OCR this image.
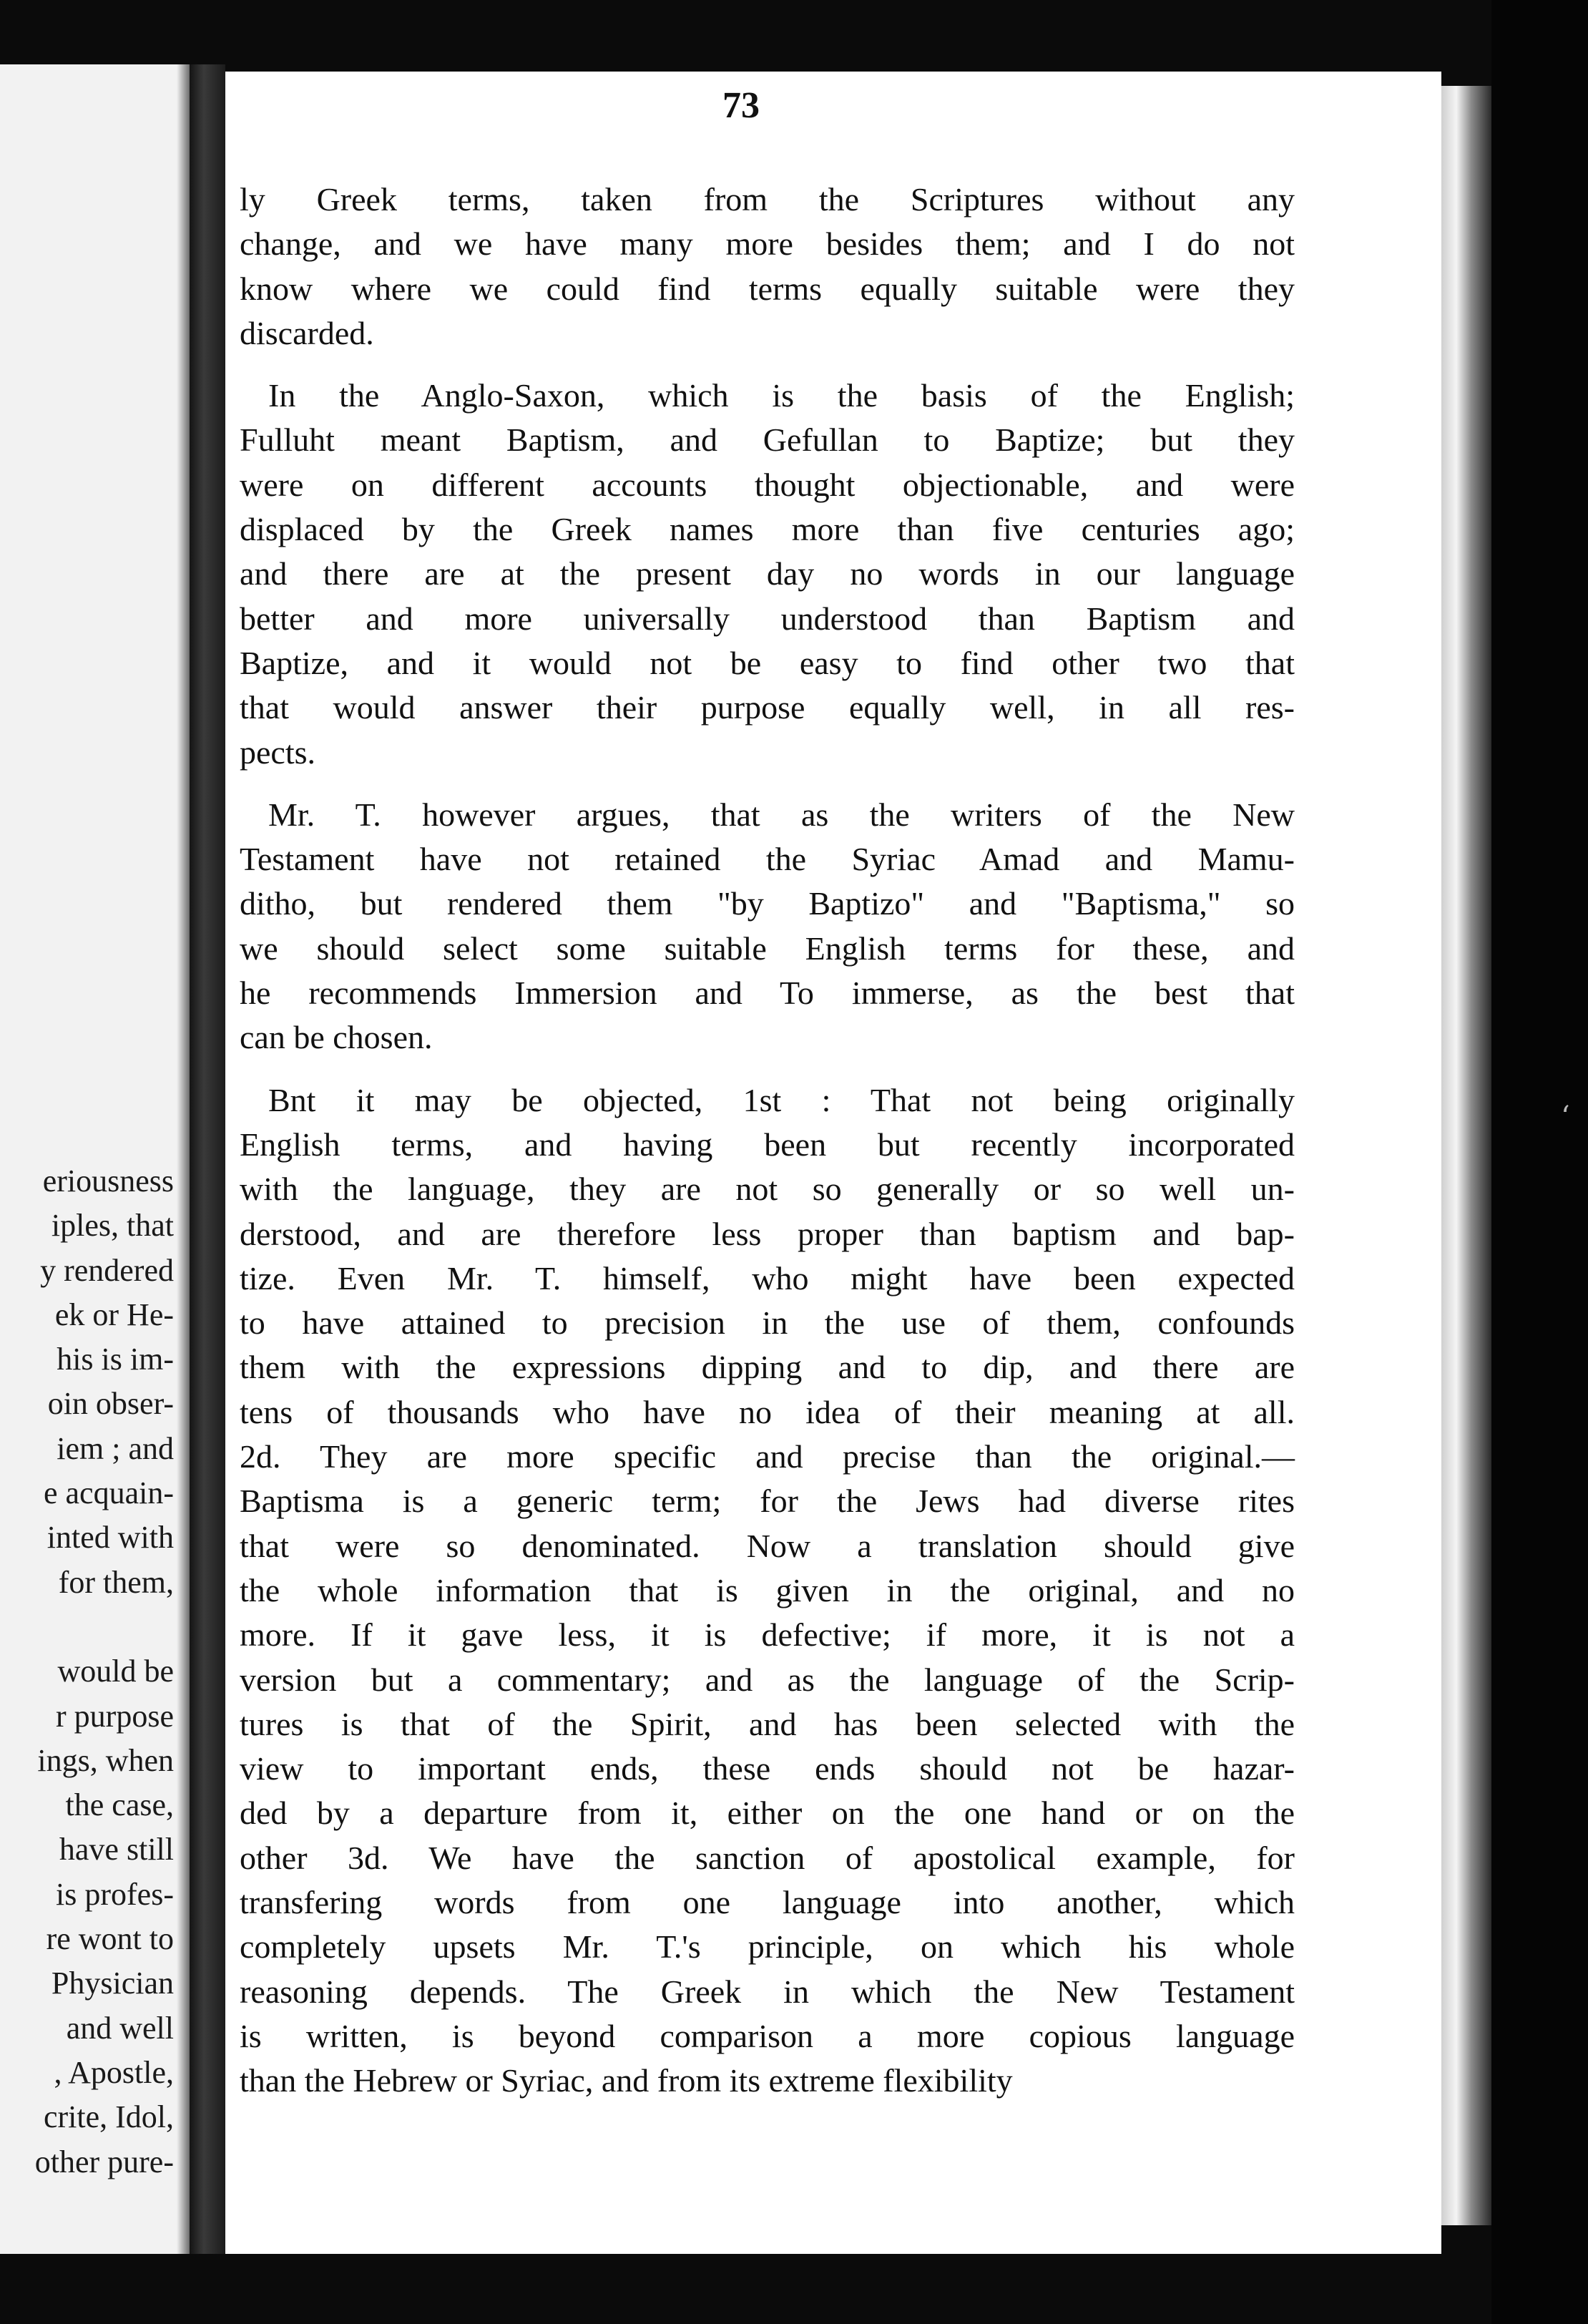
eriousness
iples, that
y rendered
ek or He-
his is im-
oin obser-
iem ; and
e acquain-
inted with
for them,

would be
r purpose
ings, when
the case,
have still
is profes-
re wont to
Physician
and well
, Apostle,
crite, Idol,
other pure-
73
ly Greek terms, taken from the Scriptures without any
change, and we have many more besides them; and I do not
know where we could find terms equally suitable were they
discarded.
In the Anglo-Saxon, which is the basis of the English;
Fulluht meant Baptism, and Gefullan to Baptize; but they
were on different accounts thought objectionable, and were
displaced by the Greek names more than five centuries ago;
and there are at the present day no words in our language
better and more universally understood than Baptism and
Baptize, and it would not be easy to find other two that
that would answer their purpose equally well, in all res-
pects.
Mr. T. however argues, that as the writers of the New
Testament have not retained the Syriac Amad and Mamu-
ditho, but rendered them "by Baptizo" and "Baptisma," so
we should select some suitable English terms for these, and
he recommends Immersion and To immerse, as the best that
can be chosen.
Bnt it may be objected, 1st : That not being originally
English terms, and having been but recently incorporated
with the language, they are not so generally or so well un-
derstood, and are therefore less proper than baptism and bap-
tize. Even Mr. T. himself, who might have been expected
to have attained to precision in the use of them, confounds
them with the expressions dipping and to dip, and there are
tens of thousands who have no idea of their meaning at all.
2d. They are more specific and precise than the original.—
Baptisma is a generic term; for the Jews had diverse rites
that were so denominated. Now a translation should give
the whole information that is given in the original, and no
more. If it gave less, it is defective; if more, it is not a
version but a commentary; and as the language of the Scrip-
tures is that of the Spirit, and has been selected with the
view to important ends, these ends should not be hazar-
ded by a departure from it, either on the one hand or on the
other 3d. We have the sanction of apostolical example, for
transfering words from one language into another, which
completely upsets Mr. T.'s principle, on which his whole
reasoning depends. The Greek in which the New Testament
is written, is beyond comparison a more copious language
than the Hebrew or Syriac, and from its extreme flexibility
ʻ
